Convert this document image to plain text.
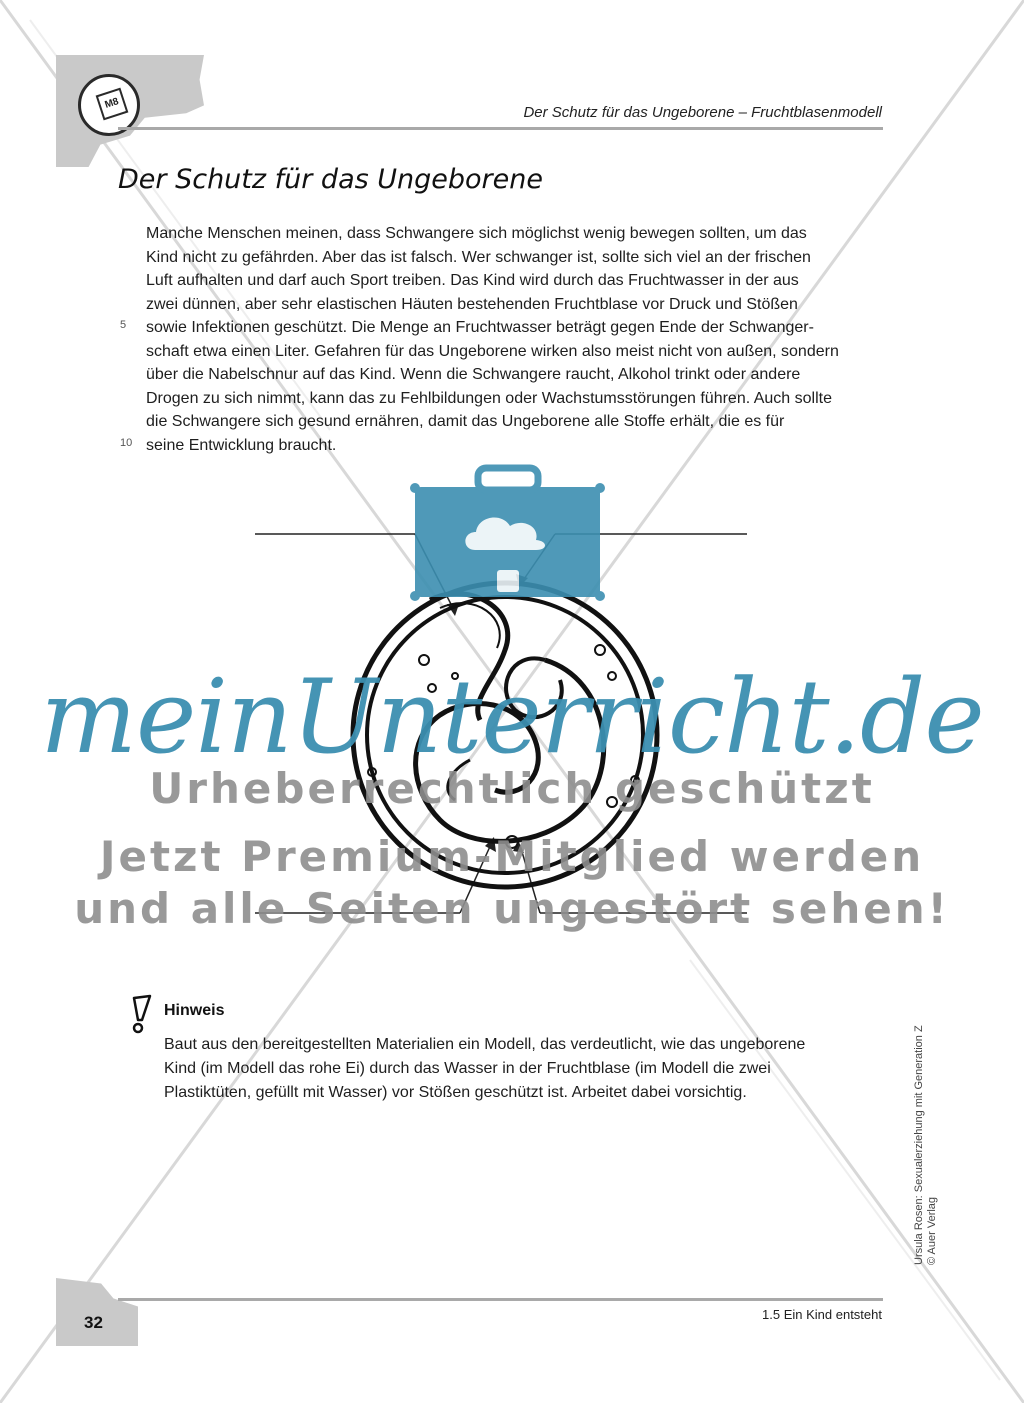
M8
Der Schutz für das Ungeborene – Fruchtblasenmodell
Der Schutz für das Ungeborene

Manche Menschen meinen, dass Schwangere sich möglichst wenig bewegen sollten, um das

Kind nicht zu gefährden. Aber das ist falsch. Wer schwanger ist, sollte sich viel an der frischen

Luft aufhalten und darf auch Sport treiben. Das Kind wird durch das Fruchtwasser in der aus

zwei dünnen, aber sehr elastischen Häuten bestehenden Fruchtblase vor Druck und Stößen

sowie Infektionen geschützt. Die Menge an Fruchtwasser beträgt gegen Ende der Schwanger-

schaft etwa einen Liter. Gefahren für das Ungeborene wirken also meist nicht von außen, sondern

über die Nabelschnur auf das Kind. Wenn die Schwangere raucht, Alkohol trinkt oder andere

Drogen zu sich nimmt, kann das zu Fehlbildungen oder Wachstumsstörungen führen. Auch sollte

die Schwangere sich gesund ernähren, damit das Ungeborene alle Stoffe erhält, die es für

seine Entwicklung braucht.

5
10
meinUnterricht.de
Urheberrechtlich geschützt
Jetzt Premium-Mitglied werden
und alle Seiten ungestört sehen!
Hinweis
Baut aus den bereitgestellten Materialien ein Modell, das verdeutlicht, wie das ungeborene
Kind (im Modell das rohe Ei) durch das Wasser in der Fruchtblase (im Modell die zwei
Plastiktüten, gefüllt mit Wasser) vor Stößen geschützt ist. Arbeitet dabei vorsichtig.	Ursula Rosen: Sexualerziehung mit Generation Z © Auer Verlag
32	1.5 Ein Kind entsteht
